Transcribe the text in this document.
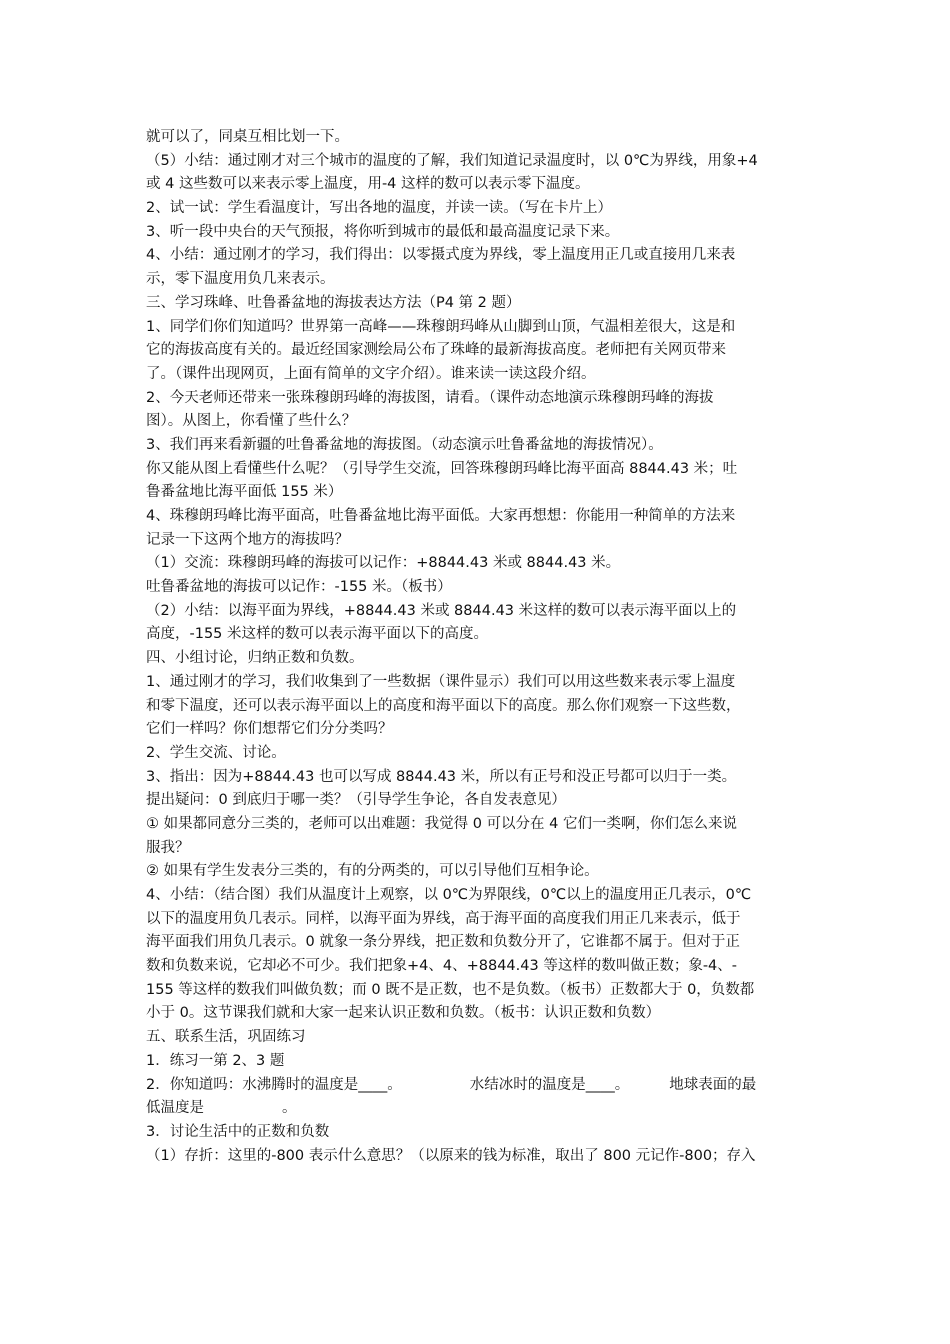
就可以了，同桌互相比划一下。
（5）小结：通过刚才对三个城市的温度的了解，我们知道记录温度时，以 0℃为界线，用象+4
或 4 这些数可以来表示零上温度，用-4 这样的数可以表示零下温度。
2、试一试：学生看温度计，写出各地的温度，并读一读。（写在卡片上）
3、听一段中央台的天气预报，将你听到城市的最低和最高温度记录下来。
4、小结：通过刚才的学习，我们得出：以零摄式度为界线，零上温度用正几或直接用几来表
示，零下温度用负几来表示。
三、学习珠峰、吐鲁番盆地的海拔表达方法（P4 第 2 题）
1、同学们你们知道吗？世界第一高峰——珠穆朗玛峰从山脚到山顶，气温相差很大，这是和
它的海拔高度有关的。最近经国家测绘局公布了珠峰的最新海拔高度。老师把有关网页带来
了。（课件出现网页，上面有简单的文字介绍）。谁来读一读这段介绍。
2、今天老师还带来一张珠穆朗玛峰的海拔图，请看。（课件动态地演示珠穆朗玛峰的海拔
图）。从图上，你看懂了些什么？
3、我们再来看新疆的吐鲁番盆地的海拔图。（动态演示吐鲁番盆地的海拔情况）。
你又能从图上看懂些什么呢？（引导学生交流，回答珠穆朗玛峰比海平面高 8844.43 米；吐
鲁番盆地比海平面低 155 米）
4、珠穆朗玛峰比海平面高，吐鲁番盆地比海平面低。大家再想想：你能用一种简单的方法来
记录一下这两个地方的海拔吗？
（1）交流：珠穆朗玛峰的海拔可以记作：+8844.43 米或 8844.43 米。
吐鲁番盆地的海拔可以记作：-155 米。（板书）
（2）小结：以海平面为界线，+8844.43 米或 8844.43 米这样的数可以表示海平面以上的
高度，-155 米这样的数可以表示海平面以下的高度。
四、小组讨论，归纳正数和负数。
1、通过刚才的学习，我们收集到了一些数据（课件显示）我们可以用这些数来表示零上温度
和零下温度，还可以表示海平面以上的高度和海平面以下的高度。那么你们观察一下这些数，
它们一样吗？你们想帮它们分分类吗？
2、学生交流、讨论。
3、指出：因为+8844.43 也可以写成 8844.43 米，所以有正号和没正号都可以归于一类。
提出疑问：0 到底归于哪一类？（引导学生争论，各自发表意见）
① 如果都同意分三类的，老师可以出难题：我觉得 0 可以分在 4 它们一类啊，你们怎么来说
服我？
② 如果有学生发表分三类的，有的分两类的，可以引导他们互相争论。
4、小结：（结合图）我们从温度计上观察，以 0℃为界限线，0℃以上的温度用正几表示，0℃
以下的温度用负几表示。同样，以海平面为界线，高于海平面的高度我们用正几来表示，低于
海平面我们用负几表示。0 就象一条分界线，把正数和负数分开了，它谁都不属于。但对于正
数和负数来说，它却必不可少。我们把象+4、4、+8844.43 等这样的数叫做正数；象-4、-
155 等这样的数我们叫做负数；而 0 既不是正数，也不是负数。（板书）正数都大于 0，负数都
小于 0。这节课我们就和大家一起来认识正数和负数。（板书：认识正数和负数）
五、联系生活，巩固练习
1．练习一第 2、3 题
2．你知道吗：水沸腾时的温度是____。	水结冰时的温度是____。	地球表面的最
低温度是	。
3．讨论生活中的正数和负数
（1）存折：这里的-800 表示什么意思？（以原来的钱为标准，取出了 800 元记作-800；存入
